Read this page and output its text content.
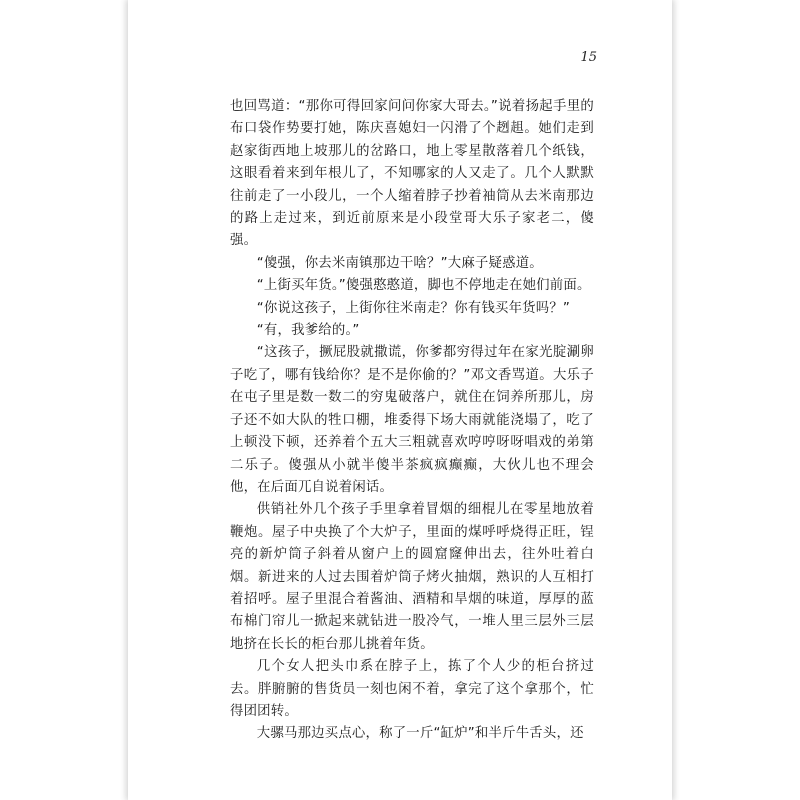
15

也回骂道：“那你可得回家问问你家大哥去。”说着扬起手里的布口袋作势要打她，陈庆喜媳妇一闪滑了个趔趄。她们走到赵家街西地上坡那儿的岔路口，地上零星散落着几个纸钱，这眼看着来到年根儿了，不知哪家的人又走了。几个人默默往前走了一小段儿，一个人缩着脖子抄着袖筒从去米南那边的路上走过来，到近前原来是小段堂哥大乐子家老二，傻强。

“傻强，你去米南镇那边干啥？”大麻子疑惑道。

“上街买年货。”傻强憨憨道，脚也不停地走在她们前面。

“你说这孩子，上街你往米南走？你有钱买年货吗？”

“有，我爹给的。”

“这孩子，撅屁股就撒谎，你爹都穷得过年在家光腚涮卵子吃了，哪有钱给你？是不是你偷的？”邓文香骂道。大乐子在屯子里是数一数二的穷鬼破落户，就住在饲养所那儿，房子还不如大队的牲口棚，堆委得下场大雨就能浇塌了，吃了上顿没下顿，还养着个五大三粗就喜欢哼哼呀呀唱戏的弟第二乐子。傻强从小就半傻半茶疯疯癫癫，大伙儿也不理会他，在后面兀自说着闲话。

供销社外几个孩子手里拿着冒烟的细棍儿在零星地放着鞭炮。屋子中央换了个大炉子，里面的煤呼呼烧得正旺，锃亮的新炉筒子斜着从窗户上的圆窟窿伸出去，往外吐着白烟。新进来的人过去围着炉筒子烤火抽烟，熟识的人互相打着招呼。屋子里混合着酱油、酒精和旱烟的味道，厚厚的蓝布棉门帘儿一掀起来就钻进一股冷气，一堆人里三层外三层地挤在长长的柜台那儿挑着年货。

几个女人把头巾系在脖子上，拣了个人少的柜台挤过去。胖腑腑的售货员一刻也闲不着，拿完了这个拿那个，忙得团团转。

大骡马那边买点心，称了一斤“缸炉”和半斤牛舌头，还
